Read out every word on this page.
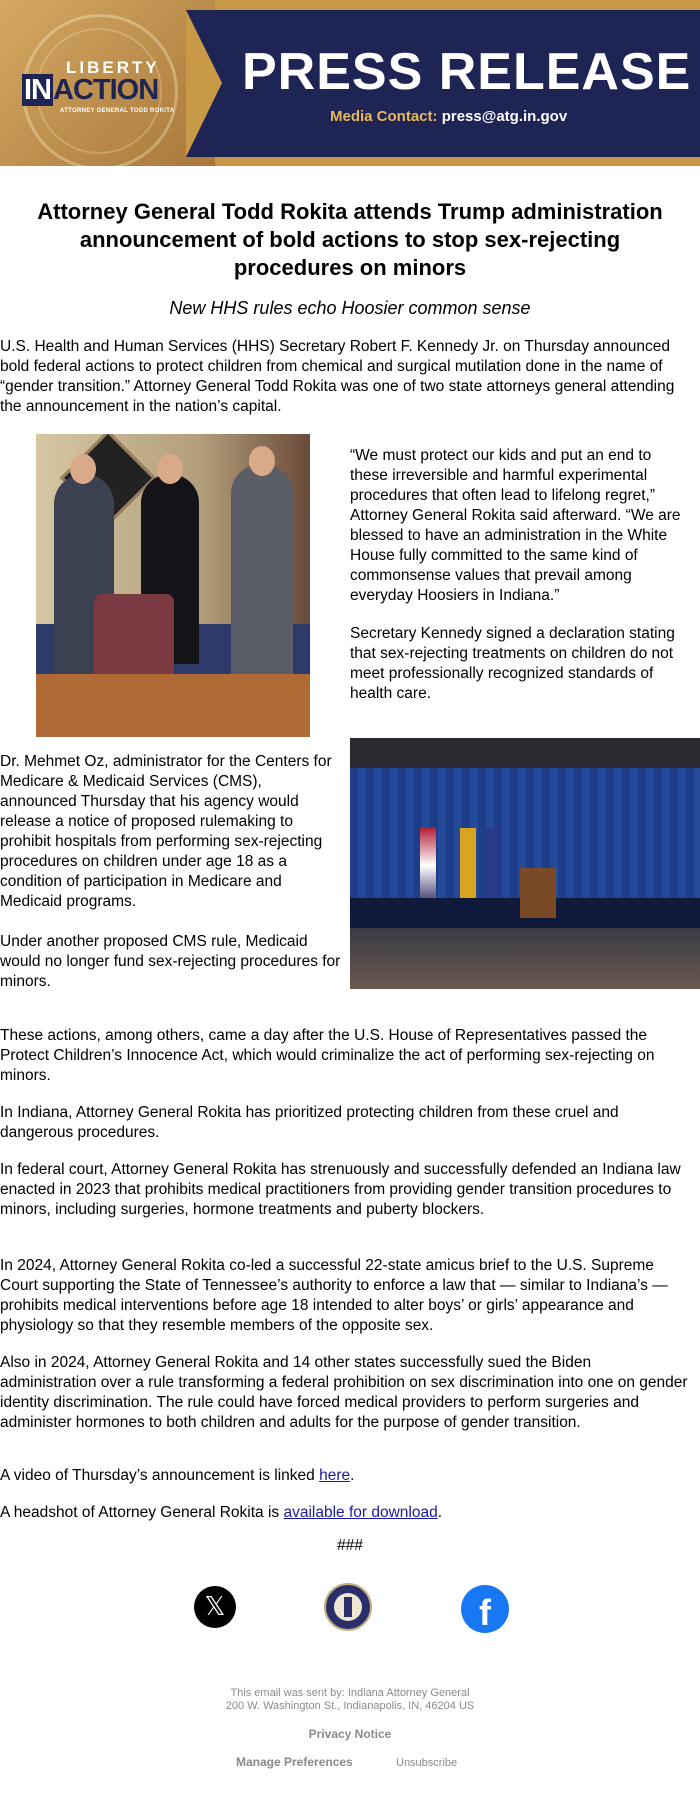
LIBERTY
INACTION
ATTORNEY GENERAL TODD ROKITA
PRESS RELEASE
Media Contact: press@atg.in.gov
Attorney General Todd Rokita attends Trump administration
announcement of bold actions to stop sex-rejecting
procedures on minors
New HHS rules echo Hoosier common sense

U.S. Health and Human Services (HHS) Secretary Robert F. Kennedy Jr. on Thursday announced bold federal actions to protect children from chemical and surgical mutilation done in the name of “gender transition.” Attorney General Todd Rokita was one of two state attorneys general attending the announcement in the nation’s capital.

“We must protect our kids and put an end to these irreversible and harmful experimental procedures that often lead to lifelong regret,” Attorney General Rokita said afterward. “We are blessed to have an administration in the White House fully committed to the same kind of commonsense values that prevail among everyday Hoosiers in Indiana.”

Secretary Kennedy signed a declaration stating that sex-rejecting treatments on children do not meet professionally recognized standards of health care.

Dr. Mehmet Oz, administrator for the Centers for Medicare & Medicaid Services (CMS), announced Thursday that his agency would release a notice of proposed rulemaking to prohibit hospitals from performing sex-rejecting procedures on children under age 18 as a condition of participation in Medicare and Medicaid programs.

Under another proposed CMS rule, Medicaid would no longer fund sex-rejecting procedures for minors.

These actions, among others, came a day after the U.S. House of Representatives passed the Protect Children’s Innocence Act, which would criminalize the act of performing sex-rejecting on minors.

In Indiana, Attorney General Rokita has prioritized protecting children from these cruel and dangerous procedures.

In federal court, Attorney General Rokita has strenuously and successfully defended an Indiana law enacted in 2023 that prohibits medical practitioners from providing gender transition procedures to minors, including surgeries, hormone treatments and puberty blockers.

In 2024, Attorney General Rokita co-led a successful 22-state amicus brief to the U.S. Supreme Court supporting the State of Tennessee’s authority to enforce a law that — similar to Indiana’s — prohibits medical interventions before age 18 intended to alter boys’ or girls’ appearance and physiology so that they resemble members of the opposite sex.

Also in 2024, Attorney General Rokita and 14 other states successfully sued the Biden administration over a rule transforming a federal prohibition on sex discrimination into one on gender identity discrimination. The rule could have forced medical providers to perform surgeries and administer hormones to both children and adults for the purpose of gender transition.

A video of Thursday’s announcement is linked here.

A headshot of Attorney General Rokita is available for download.

###
𝕏	f
This email was sent by: Indiana Attorney General
200 W. Washington St., Indianapolis, IN, 46204 US
Privacy Notice
Manage Preferences	Unsubscribe
